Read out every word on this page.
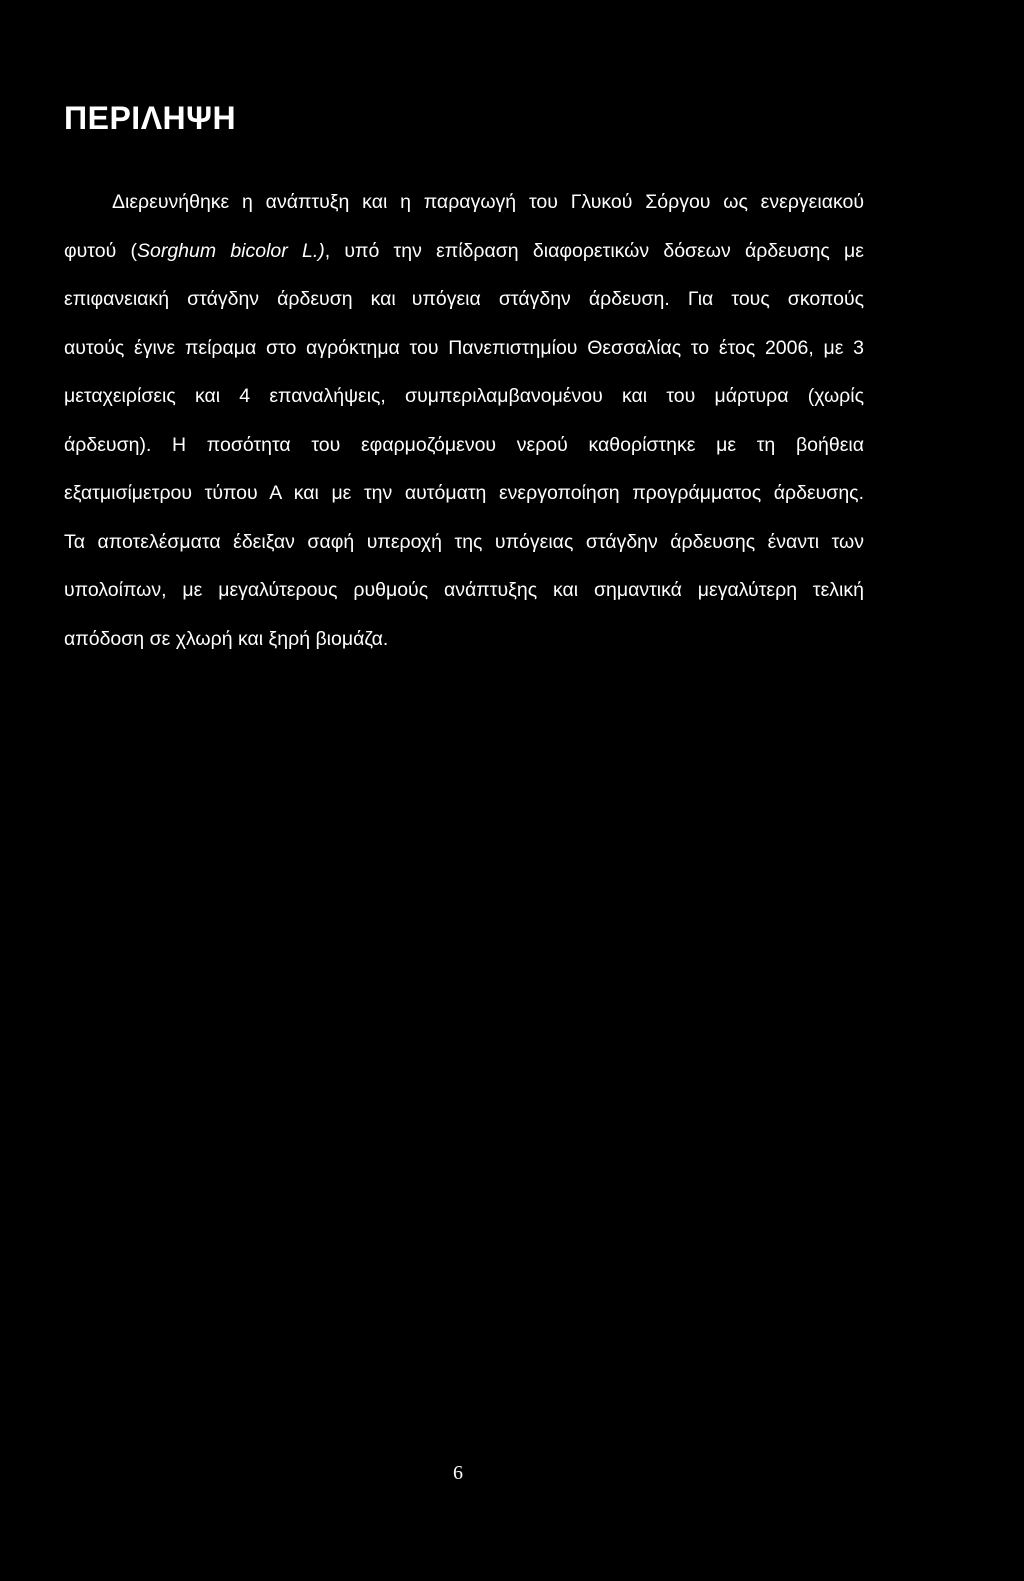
ΠΕΡΙΛΗΨΗ
Διερευνήθηκε η ανάπτυξη και η παραγωγή του Γλυκού Σόργου ως ενεργειακού
φυτού (Sorghum bicolor L.), υπό την επίδραση διαφορετικών δόσεων άρδευσης με
επιφανειακή στάγδην άρδευση και υπόγεια στάγδην άρδευση. Για τους σκοπούς
αυτούς έγινε πείραμα στο αγρόκτημα του Πανεπιστημίου Θεσσαλίας το έτος 2006, με 3
μεταχειρίσεις και 4 επαναλήψεις, συμπεριλαμβανομένου και του μάρτυρα (χωρίς
άρδευση). Η ποσότητα του εφαρμοζόμενου νερού καθορίστηκε με τη βοήθεια
εξατμισίμετρου τύπου Α και με την αυτόματη ενεργοποίηση προγράμματος άρδευσης.
Τα αποτελέσματα έδειξαν σαφή υπεροχή της υπόγειας στάγδην άρδευσης έναντι των
υπολοίπων, με μεγαλύτερους ρυθμούς ανάπτυξης και σημαντικά μεγαλύτερη τελική
απόδοση σε χλωρή και ξηρή βιομάζα.
6
